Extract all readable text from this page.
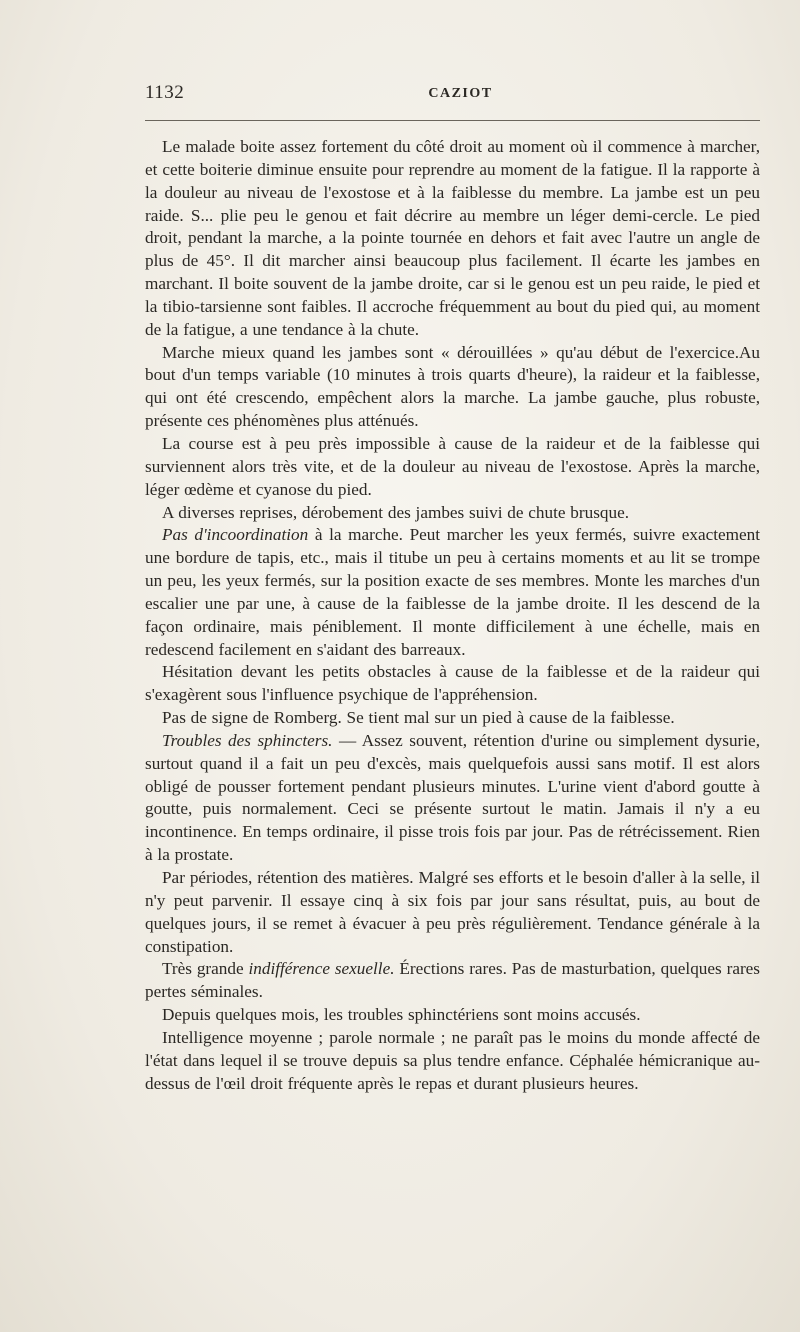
1132	CAZIOT

Le malade boite assez fortement du côté droit au moment où il commence à marcher, et cette boiterie diminue ensuite pour reprendre au moment de la fatigue. Il la rapporte à la douleur au niveau de l'exostose et à la faiblesse du membre. La jambe est un peu raide. S... plie peu le genou et fait décrire au membre un léger demi-cercle. Le pied droit, pendant la marche, a la pointe tournée en dehors et fait avec l'autre un angle de plus de 45°. Il dit marcher ainsi beaucoup plus facilement. Il écarte les jambes en marchant. Il boite souvent de la jambe droite, car si le genou est un peu raide, le pied et la tibio-tarsienne sont faibles. Il accroche fréquemment au bout du pied qui, au moment de la fatigue, a une tendance à la chute.

Marche mieux quand les jambes sont « dérouillées » qu'au début de l'exercice.Au bout d'un temps variable (10 minutes à trois quarts d'heure), la raideur et la faiblesse, qui ont été crescendo, empêchent alors la marche. La jambe gauche, plus robuste, présente ces phénomènes plus atténués.

La course est à peu près impossible à cause de la raideur et de la faiblesse qui surviennent alors très vite, et de la douleur au niveau de l'exostose. Après la marche, léger œdème et cyanose du pied.

A diverses reprises, dérobement des jambes suivi de chute brusque.

Pas d'incoordination à la marche. Peut marcher les yeux fermés, suivre exactement une bordure de tapis, etc., mais il titube un peu à certains moments et au lit se trompe un peu, les yeux fermés, sur la position exacte de ses membres. Monte les marches d'un escalier une par une, à cause de la faiblesse de la jambe droite. Il les descend de la façon ordinaire, mais péniblement. Il monte difficilement à une échelle, mais en redescend facilement en s'aidant des barreaux.

Hésitation devant les petits obstacles à cause de la faiblesse et de la raideur qui s'exagèrent sous l'influence psychique de l'appréhension.

Pas de signe de Romberg. Se tient mal sur un pied à cause de la faiblesse.

Troubles des sphincters. — Assez souvent, rétention d'urine ou simplement dysurie, surtout quand il a fait un peu d'excès, mais quelquefois aussi sans motif. Il est alors obligé de pousser fortement pendant plusieurs minutes. L'urine vient d'abord goutte à goutte, puis normalement. Ceci se présente surtout le matin. Jamais il n'y a eu incontinence. En temps ordinaire, il pisse trois fois par jour. Pas de rétrécissement. Rien à la prostate.

Par périodes, rétention des matières. Malgré ses efforts et le besoin d'aller à la selle, il n'y peut parvenir. Il essaye cinq à six fois par jour sans résultat, puis, au bout de quelques jours, il se remet à évacuer à peu près régulièrement. Tendance générale à la constipation.

Très grande indifférence sexuelle. Érections rares. Pas de masturbation, quelques rares pertes séminales.

Depuis quelques mois, les troubles sphinctériens sont moins accusés.

Intelligence moyenne ; parole normale ; ne paraît pas le moins du monde affecté de l'état dans lequel il se trouve depuis sa plus tendre enfance. Céphalée hémicranique au-dessus de l'œil droit fréquente après le repas et durant plusieurs heures.
